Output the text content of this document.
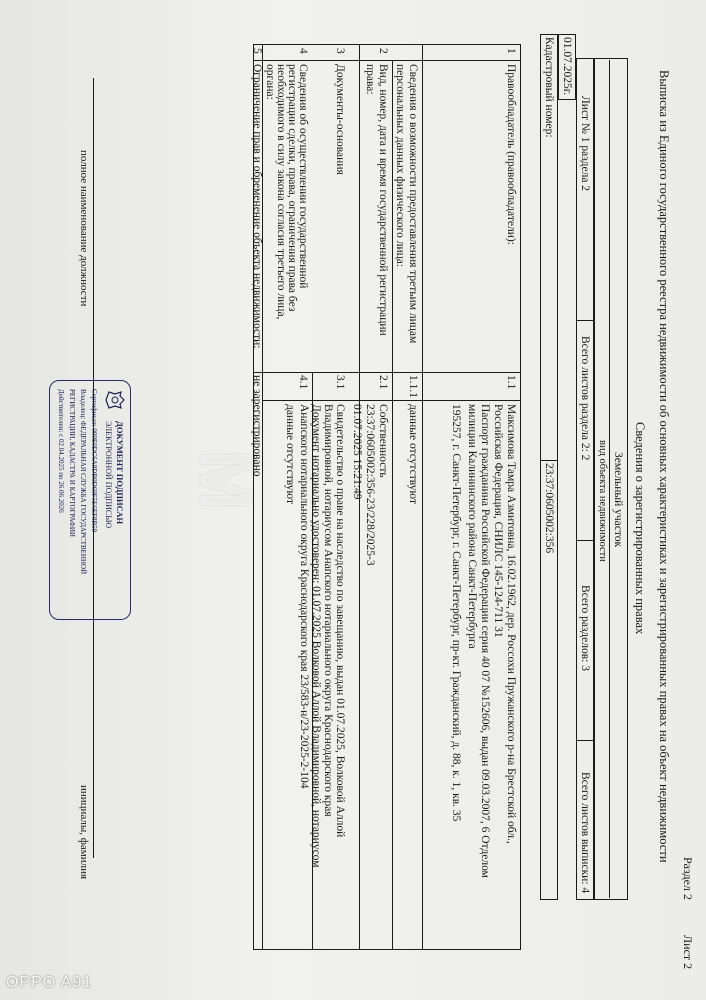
Раздел 2
Лист 2
Выписка из Единого государственного реестра недвижимости об основных характеристиках и зарегистрированных правах на объект недвижимости
Сведения о зарегистрированных правах
Земельный участок
вид объекта недвижимости
Лист № 1 раздела 2
Всего листов раздела 2: 2
Всего разделов: 3
Всего листов выписки: 4
01.07.2025г.
Кадастровый номер:
23:37:0605002:356
1
Правообладатель (правообладатели):
1.1
Максимова Тамра Азмитовна, 16.02.1962, дер. Россохи Пружанского р-на Брестской обл.,
Российская Федерация, СНИЛС 145-124-711 31
Паспорт гражданина Российской Федерации серия 40 07 №152606, выдан 09.03.2007, 6 Отделом
милиции Калининского района Санкт-Петербурга
195257, г. Санкт-Петербург, г. Санкт-Петербург, пр-кт. Гражданский, д. 88, к. 1, кв. 35
Сведения о возможности предоставления третьим лицам
персональных данных физического лица:
1.1.1
данные отсутствуют
2
Вид, номер, дата и время государственной регистрации
права:
2.1
Собственность
23:37:0605002:356-23/228/2025-3
01.07.2025 15:21:49
3
Документы-основания
3.1
Свидетельство о праве на наследство по завещанию, выдан 01.07.2025, Волковой Аллой
Владимировной, нотариусом Анапского нотариального округа Краснодарского края
Документ нотариально удостоверен: 01.07.2025 Волковой Аллой Владимировной, нотариусом
Анапского нотариального округа Краснодарского края 23/583-н/23-2025-2-104
4
Сведения об осуществлении государственной
регистрации сделки, права, ограничения права без
необходимого в силу закона согласия третьего лица,
органа:
4.1
данные отсутствуют
5
Ограничение прав и обременение объекта недвижимости:
не зарегистрировано
полное наименование должности
инициалы, фамилия
ДОКУМЕНТ ПОДПИСАН
ЭЛЕКТРОННОЙ ПОДПИСЬЮ
Сертификат: 009E0DC6A8DB0D69F5E6EF8B59
Владелец: ФЕДЕРАЛЬНАЯ СЛУЖБА ГОСУДАРСТВЕННОЙ
РЕГИСТРАЦИИ, КАДАСТРА И КАРТОГРАФИИ
Действителен: с 02.04.2025 по 26.06.2026 М
OPPO A91
